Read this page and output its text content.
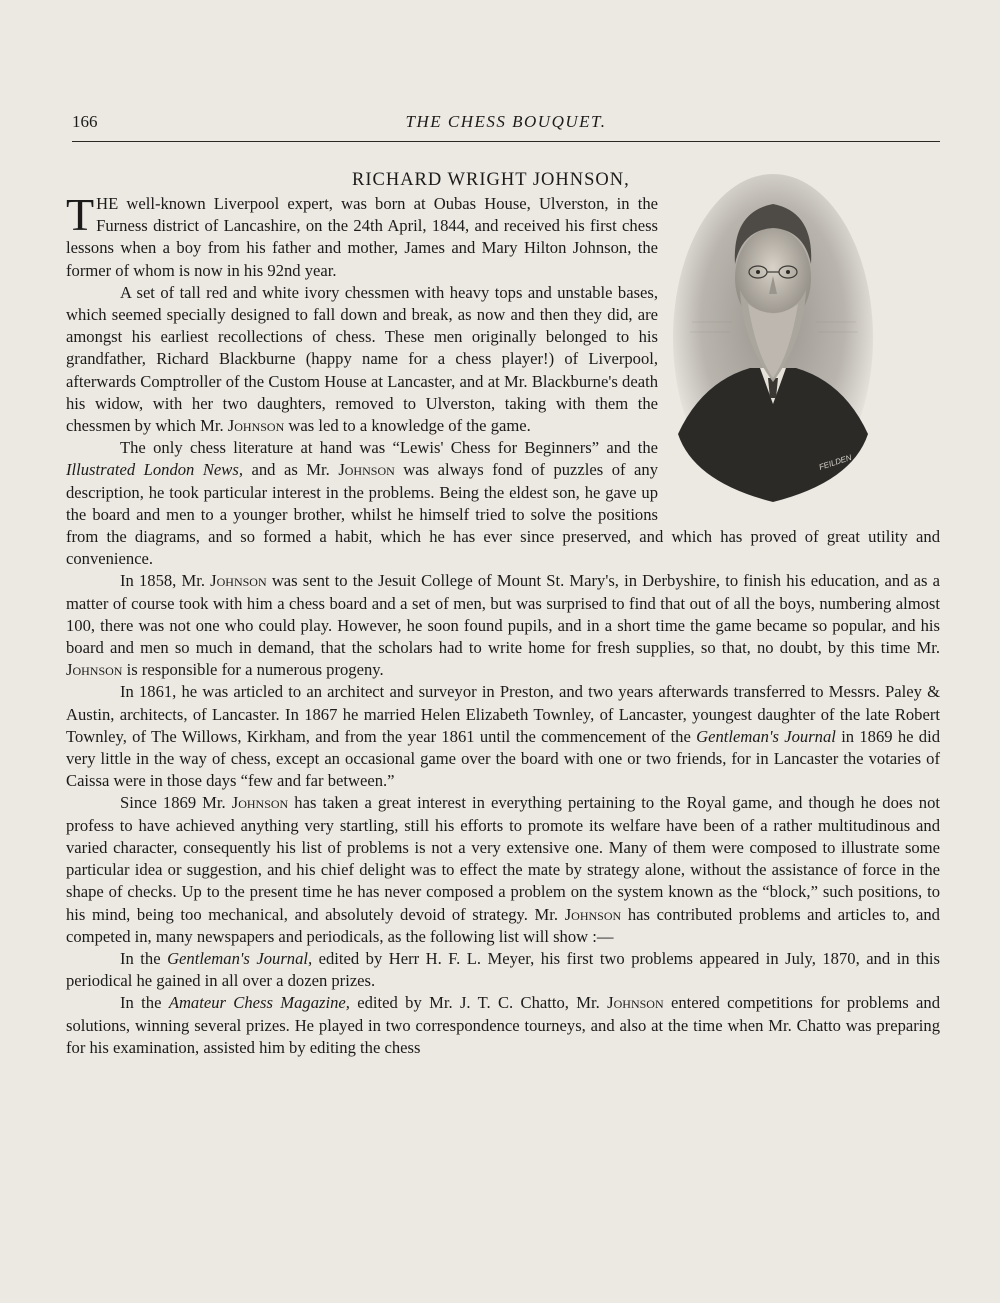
166	THE CHESS BOUQUET.
RICHARD WRIGHT JOHNSON,
FEILDEN

THE well-known Liverpool expert, was born at Oubas House, Ulverston, in the Furness district of Lancashire, on the 24th April, 1844, and received his first chess lessons when a boy from his father and mother, James and Mary Hilton Johnson, the former of whom is now in his 92nd year.

A set of tall red and white ivory chessmen with heavy tops and unstable bases, which seemed specially designed to fall down and break, as now and then they did, are amongst his earliest recollections of chess. These men originally belonged to his grandfather, Richard Blackburne (happy name for a chess player!) of Liverpool, afterwards Comptroller of the Custom House at Lancaster, and at Mr. Blackburne's death his widow, with her two daughters, removed to Ulverston, taking with them the chessmen by which Mr. Johnson was led to a knowledge of the game.

The only chess literature at hand was “Lewis' Chess for Beginners” and the Illustrated London News, and as Mr. Johnson was always fond of puzzles of any description, he took particular interest in the problems. Being the eldest son, he gave up the board and men to a younger brother, whilst he himself tried to solve the positions from the diagrams, and so formed a habit, which he has ever since preserved, and which has proved of great utility and convenience.

In 1858, Mr. Johnson was sent to the Jesuit College of Mount St. Mary's, in Derbyshire, to finish his education, and as a matter of course took with him a chess board and a set of men, but was surprised to find that out of all the boys, numbering almost 100, there was not one who could play. However, he soon found pupils, and in a short time the game became so popular, and his board and men so much in demand, that the scholars had to write home for fresh supplies, so that, no doubt, by this time Mr. Johnson is responsible for a numerous progeny.

In 1861, he was articled to an architect and surveyor in Preston, and two years afterwards transferred to Messrs. Paley & Austin, architects, of Lancaster. In 1867 he married Helen Elizabeth Townley, of Lancaster, youngest daughter of the late Robert Townley, of The Willows, Kirkham, and from the year 1861 until the commencement of the Gentleman's Journal in 1869 he did very little in the way of chess, except an occasional game over the board with one or two friends, for in Lancaster the votaries of Caissa were in those days “few and far between.”

Since 1869 Mr. Johnson has taken a great interest in everything pertaining to the Royal game, and though he does not profess to have achieved anything very startling, still his efforts to promote its welfare have been of a rather multitudinous and varied character, consequently his list of problems is not a very extensive one. Many of them were composed to illustrate some particular idea or suggestion, and his chief delight was to effect the mate by strategy alone, without the assistance of force in the shape of checks. Up to the present time he has never composed a problem on the system known as the “block,” such positions, to his mind, being too mechanical, and absolutely devoid of strategy. Mr. Johnson has contributed problems and articles to, and competed in, many newspapers and periodicals, as the following list will show :—

In the Gentleman's Journal, edited by Herr H. F. L. Meyer, his first two problems appeared in July, 1870, and in this periodical he gained in all over a dozen prizes.

In the Amateur Chess Magazine, edited by Mr. J. T. C. Chatto, Mr. Johnson entered competitions for problems and solutions, winning several prizes. He played in two correspondence tourneys, and also at the time when Mr. Chatto was preparing for his examination, assisted him by editing the chess
